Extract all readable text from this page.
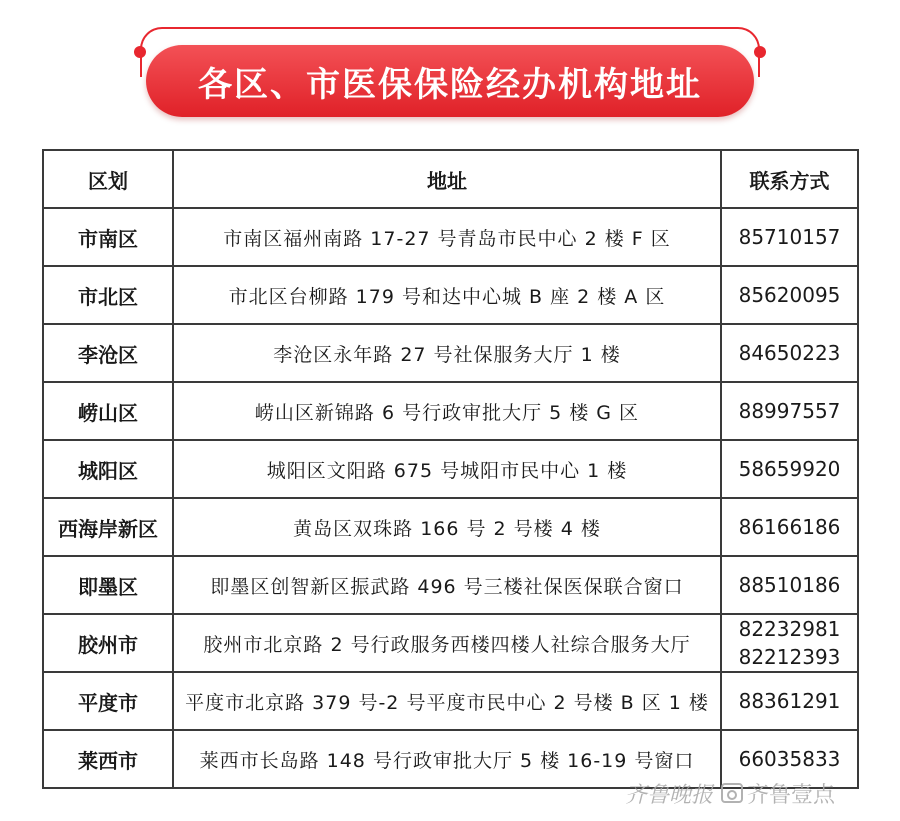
各区、市医保保险经办机构地址
区划	地址	联系方式
市南区	市南区福州南路 17-27 号青岛市民中心 2 楼 F 区	85710157

市北区	市北区台柳路 179 号和达中心城 B 座 2 楼 A 区	85620095

李沧区	李沧区永年路 27 号社保服务大厅 1 楼	84650223

崂山区	崂山区新锦路 6 号行政审批大厅 5 楼 G 区	88997557

城阳区	城阳区文阳路 675 号城阳市民中心 1 楼	58659920

西海岸新区	黄岛区双珠路 166 号 2 号楼 4 楼	86166186

即墨区	即墨区创智新区振武路 496 号三楼社保医保联合窗口	88510186

胶州市	胶州市北京路 2 号行政服务西楼四楼人社综合服务大厅	82232981
82212393

平度市	平度市北京路 379 号-2 号平度市民中心 2 号楼 B 区 1 楼	88361291

莱西市	莱西市长岛路 148 号行政审批大厅 5 楼 16-19 号窗口	66035833
齐鲁晚报 齐鲁壹点
